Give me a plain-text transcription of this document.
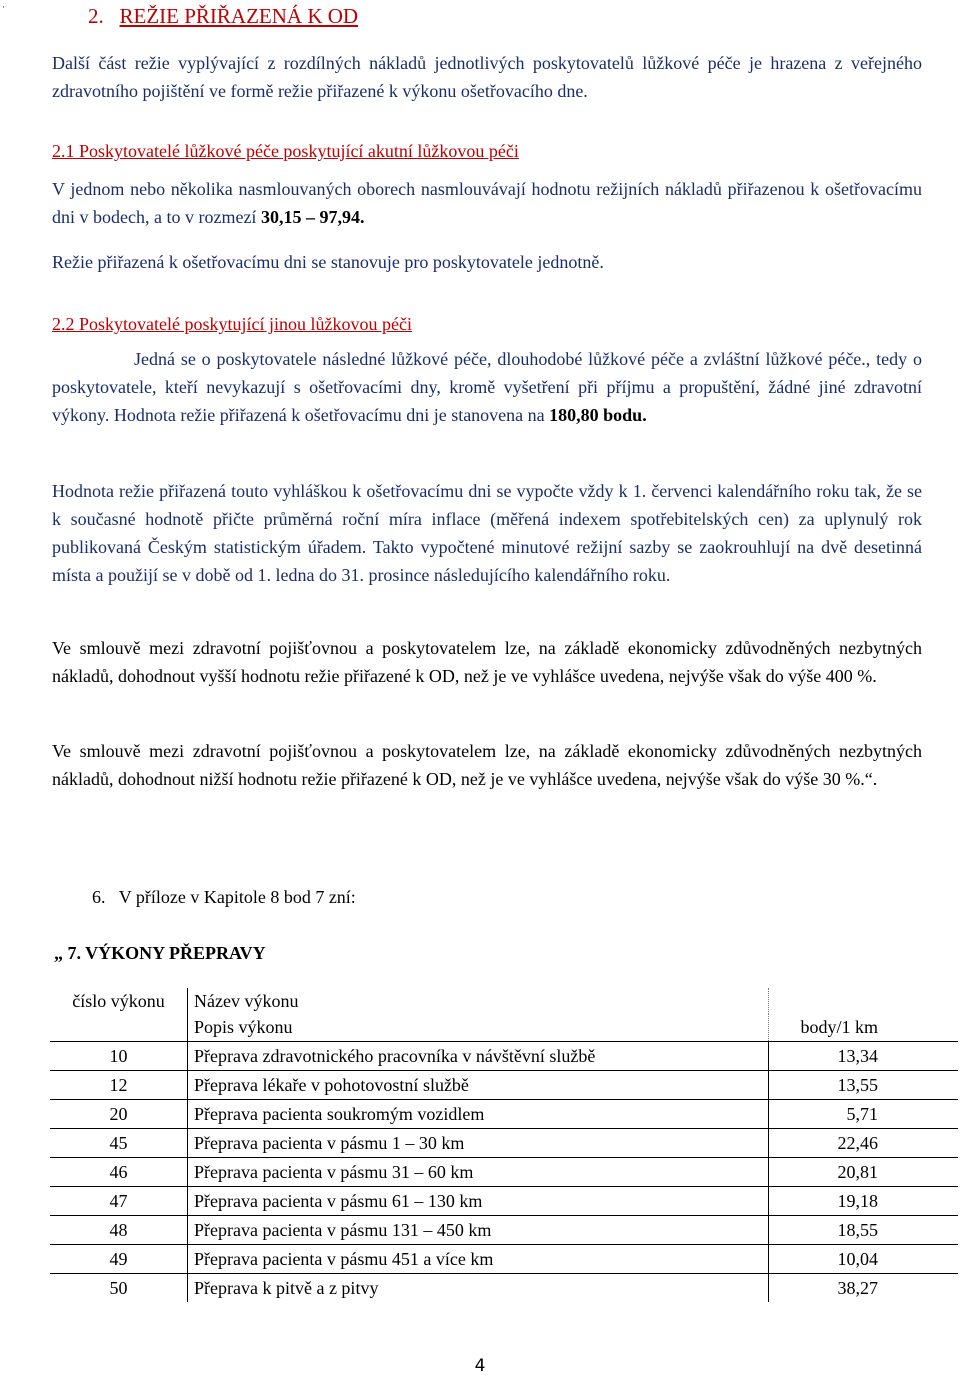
·	2. REŽIE PŘIŘAZENÁ K OD
Další část režie vyplývající z rozdílných nákladů jednotlivých poskytovatelů lůžkové péče je hrazena z veřejného zdravotního pojištění ve formě režie přiřazené k výkonu ošetřovacího dne.
2.1 Poskytovatelé lůžkové péče poskytující akutní lůžkovou péči
V jednom nebo několika nasmlouvaných oborech nasmlouvávají hodnotu režijních nákladů přiřazenou k ošetřovacímu dni v bodech, a to v rozmezí 30,15 – 97,94.
Režie přiřazená k ošetřovacímu dni se stanovuje pro poskytovatele jednotně.
2.2 Poskytovatelé poskytující jinou lůžkovou péči
Jedná se o poskytovatele následné lůžkové péče, dlouhodobé lůžkové péče a zvláštní lůžkové péče., tedy o poskytovatele, kteří nevykazují s ošetřovacími dny, kromě vyšetření při příjmu a propuštění, žádné jiné zdravotní výkony. Hodnota režie přiřazená k ošetřovacímu dni je stanovena na 180,80 bodu.
Hodnota režie přiřazená touto vyhláškou k ošetřovacímu dni se vypočte vždy k 1. červenci kalendářního roku tak, že se k současné hodnotě přičte průměrná roční míra inflace (měřená indexem spotřebitelských cen) za uplynulý rok publikovaná Českým statistickým úřadem. Takto vypočtené minutové režijní sazby se zaokrouhlují na dvě desetinná místa a použijí se v době od 1. ledna do 31. prosince následujícího kalendářního roku.
Ve smlouvě mezi zdravotní pojišťovnou a poskytovatelem lze, na základě ekonomicky zdůvodněných nezbytných nákladů, dohodnout vyšší hodnotu režie přiřazené k OD, než je ve vyhlášce uvedena, nejvýše však do výše 400 %.
Ve smlouvě mezi zdravotní pojišťovnou a poskytovatelem lze, na základě ekonomicky zdůvodněných nezbytných nákladů, dohodnout nižší hodnotu režie přiřazené k OD, než je ve vyhlášce uvedena, nejvýše však do výše 30 %.“.
6. V příloze v Kapitole 8 bod 7 zní:
„ 7. VÝKONY PŘEPRAVY
číslo výkonu	Název výkonu	
	Popis výkonu	body/1 km
10	Přeprava zdravotnického pracovníka v návštěvní službě	13,34
12	Přeprava lékaře v pohotovostní službě	13,55
20	Přeprava pacienta soukromým vozidlem	5,71
45	Přeprava pacienta v pásmu 1 – 30 km	22,46
46	Přeprava pacienta v pásmu 31 – 60 km	20,81
47	Přeprava pacienta v pásmu 61 – 130 km	19,18
48	Přeprava pacienta v pásmu 131 – 450 km	18,55
49	Přeprava pacienta v pásmu 451 a více km	10,04
50	Přeprava k pitvě a z pitvy	38,27
4
